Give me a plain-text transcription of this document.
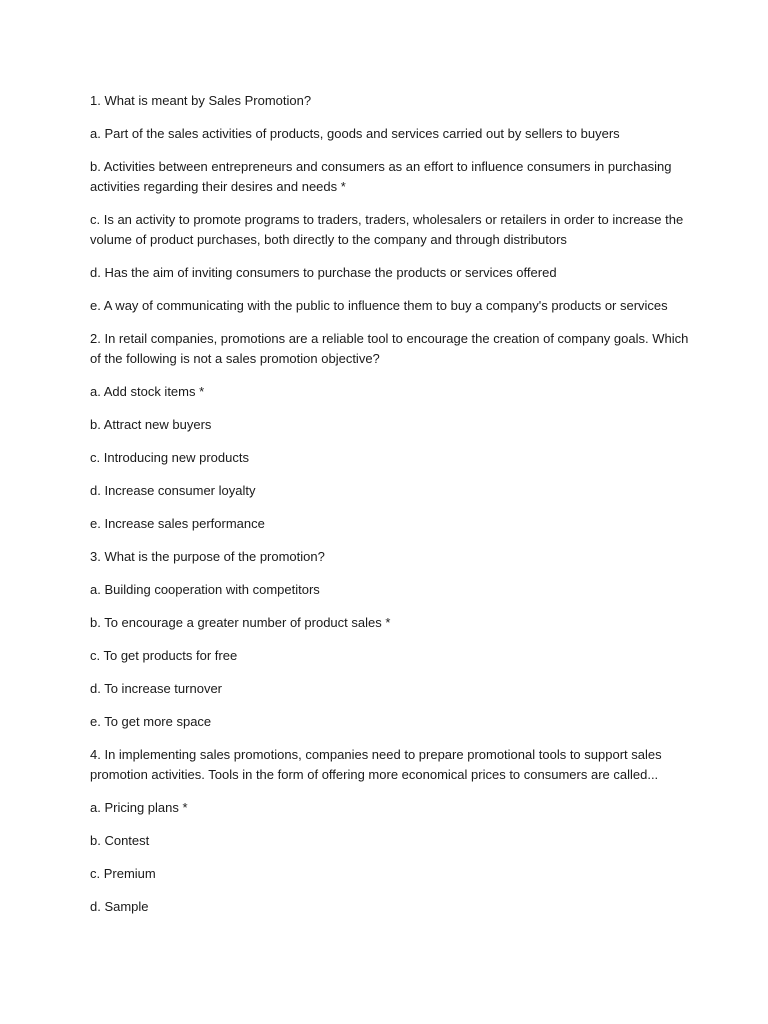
1. What is meant by Sales Promotion?

a. Part of the sales activities of products, goods and services carried out by sellers to buyers

b. Activities between entrepreneurs and consumers as an effort to influence consumers in purchasing activities regarding their desires and needs *

c. Is an activity to promote programs to traders, traders, wholesalers or retailers in order to increase the volume of product purchases, both directly to the company and through distributors

d. Has the aim of inviting consumers to purchase the products or services offered

e. A way of communicating with the public to influence them to buy a company's products or services

2. In retail companies, promotions are a reliable tool to encourage the creation of company goals. Which of the following is not a sales promotion objective?

a. Add stock items *

b. Attract new buyers

c. Introducing new products

d. Increase consumer loyalty

e. Increase sales performance

3. What is the purpose of the promotion?

a. Building cooperation with competitors

b. To encourage a greater number of product sales *

c. To get products for free

d. To increase turnover

e. To get more space

4. In implementing sales promotions, companies need to prepare promotional tools to support sales promotion activities. Tools in the form of offering more economical prices to consumers are called...

a. Pricing plans *

b. Contest

c. Premium

d. Sample
